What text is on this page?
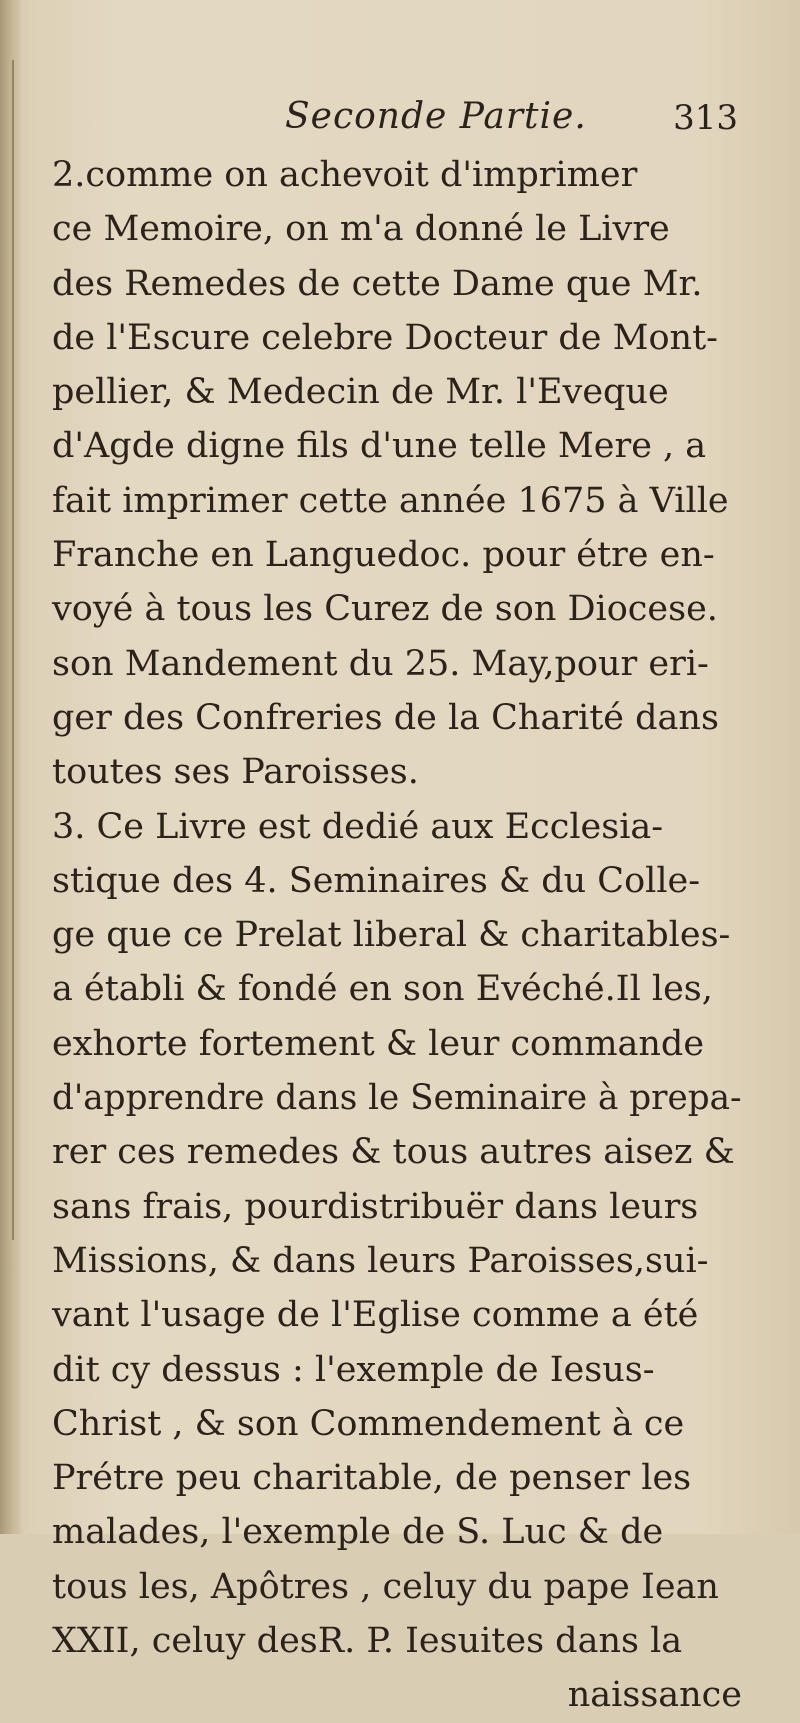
Seconde Partie.	313
2.comme on achevoit d'imprimer
ce Memoire, on m'a donné le Livre
des Remedes de cette Dame que Mr.
de l'Escure celebre Docteur de Mont-
pellier, & Medecin de Mr. l'Eveque
d'Agde digne fils d'une telle Mere , a
fait imprimer cette année 1675 à Ville
Franche en Languedoc. pour étre en-
voyé à tous les Curez de son Diocese.
son Mandement du 25. May,pour eri-
ger des Confreries de la Charité dans
toutes ses Paroisses.
3. Ce Livre est dedié aux Ecclesia-
stique des 4. Seminaires & du Colle-
ge que ce Prelat liberal & charitables-
a établi & fondé en son Evéché.Il les,
exhorte fortement & leur commande
d'apprendre dans le Seminaire à prepa-
rer ces remedes & tous autres aisez &
sans frais, pourdistribuër dans leurs
Missions, & dans leurs Paroisses,sui-
vant l'usage de l'Eglise comme a été
dit cy dessus : l'exemple de Iesus-
Christ , & son Commendement à ce
Prétre peu charitable, de penser les
malades, l'exemple de S. Luc & de
tous les, Apôtres , celuy du pape Iean
XXII, celuy desR. P. Iesuites dans la
naissance
